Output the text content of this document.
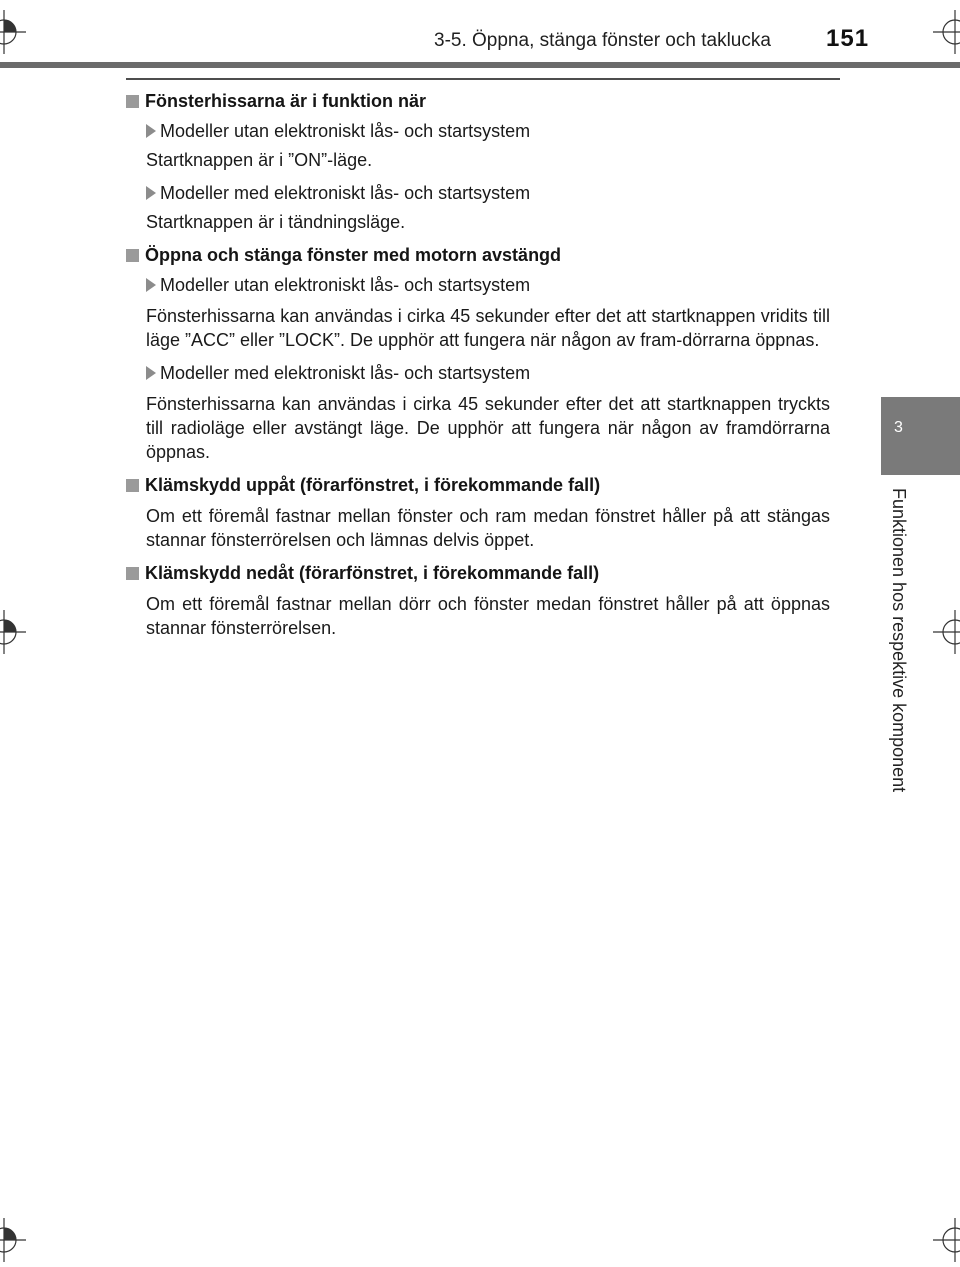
3-5. Öppna, stänga fönster och taklucka 151
3
Funktionen hos respektive komponent
Fönsterhissarna är i funktion när
Modeller utan elektroniskt lås- och startsystem
Startknappen är i ”ON”-läge.
Modeller med elektroniskt lås- och startsystem
Startknappen är i tändningsläge.
Öppna och stänga fönster med motorn avstängd
Modeller utan elektroniskt lås- och startsystem
Fönsterhissarna kan användas i cirka 45 sekunder efter det att startknappen vridits till läge ”ACC” eller ”LOCK”. De upphör att fungera när någon av fram-dörrarna öppnas.
Modeller med elektroniskt lås- och startsystem
Fönsterhissarna kan användas i cirka 45 sekunder efter det att startknappen tryckts till radioläge eller avstängt läge. De upphör att fungera när någon av framdörrarna öppnas.
Klämskydd uppåt (förarfönstret, i förekommande fall)
Om ett föremål fastnar mellan fönster och ram medan fönstret håller på att stängas stannar fönsterrörelsen och lämnas delvis öppet.
Klämskydd nedåt (förarfönstret, i förekommande fall)
Om ett föremål fastnar mellan dörr och fönster medan fönstret håller på att öppnas stannar fönsterrörelsen.
